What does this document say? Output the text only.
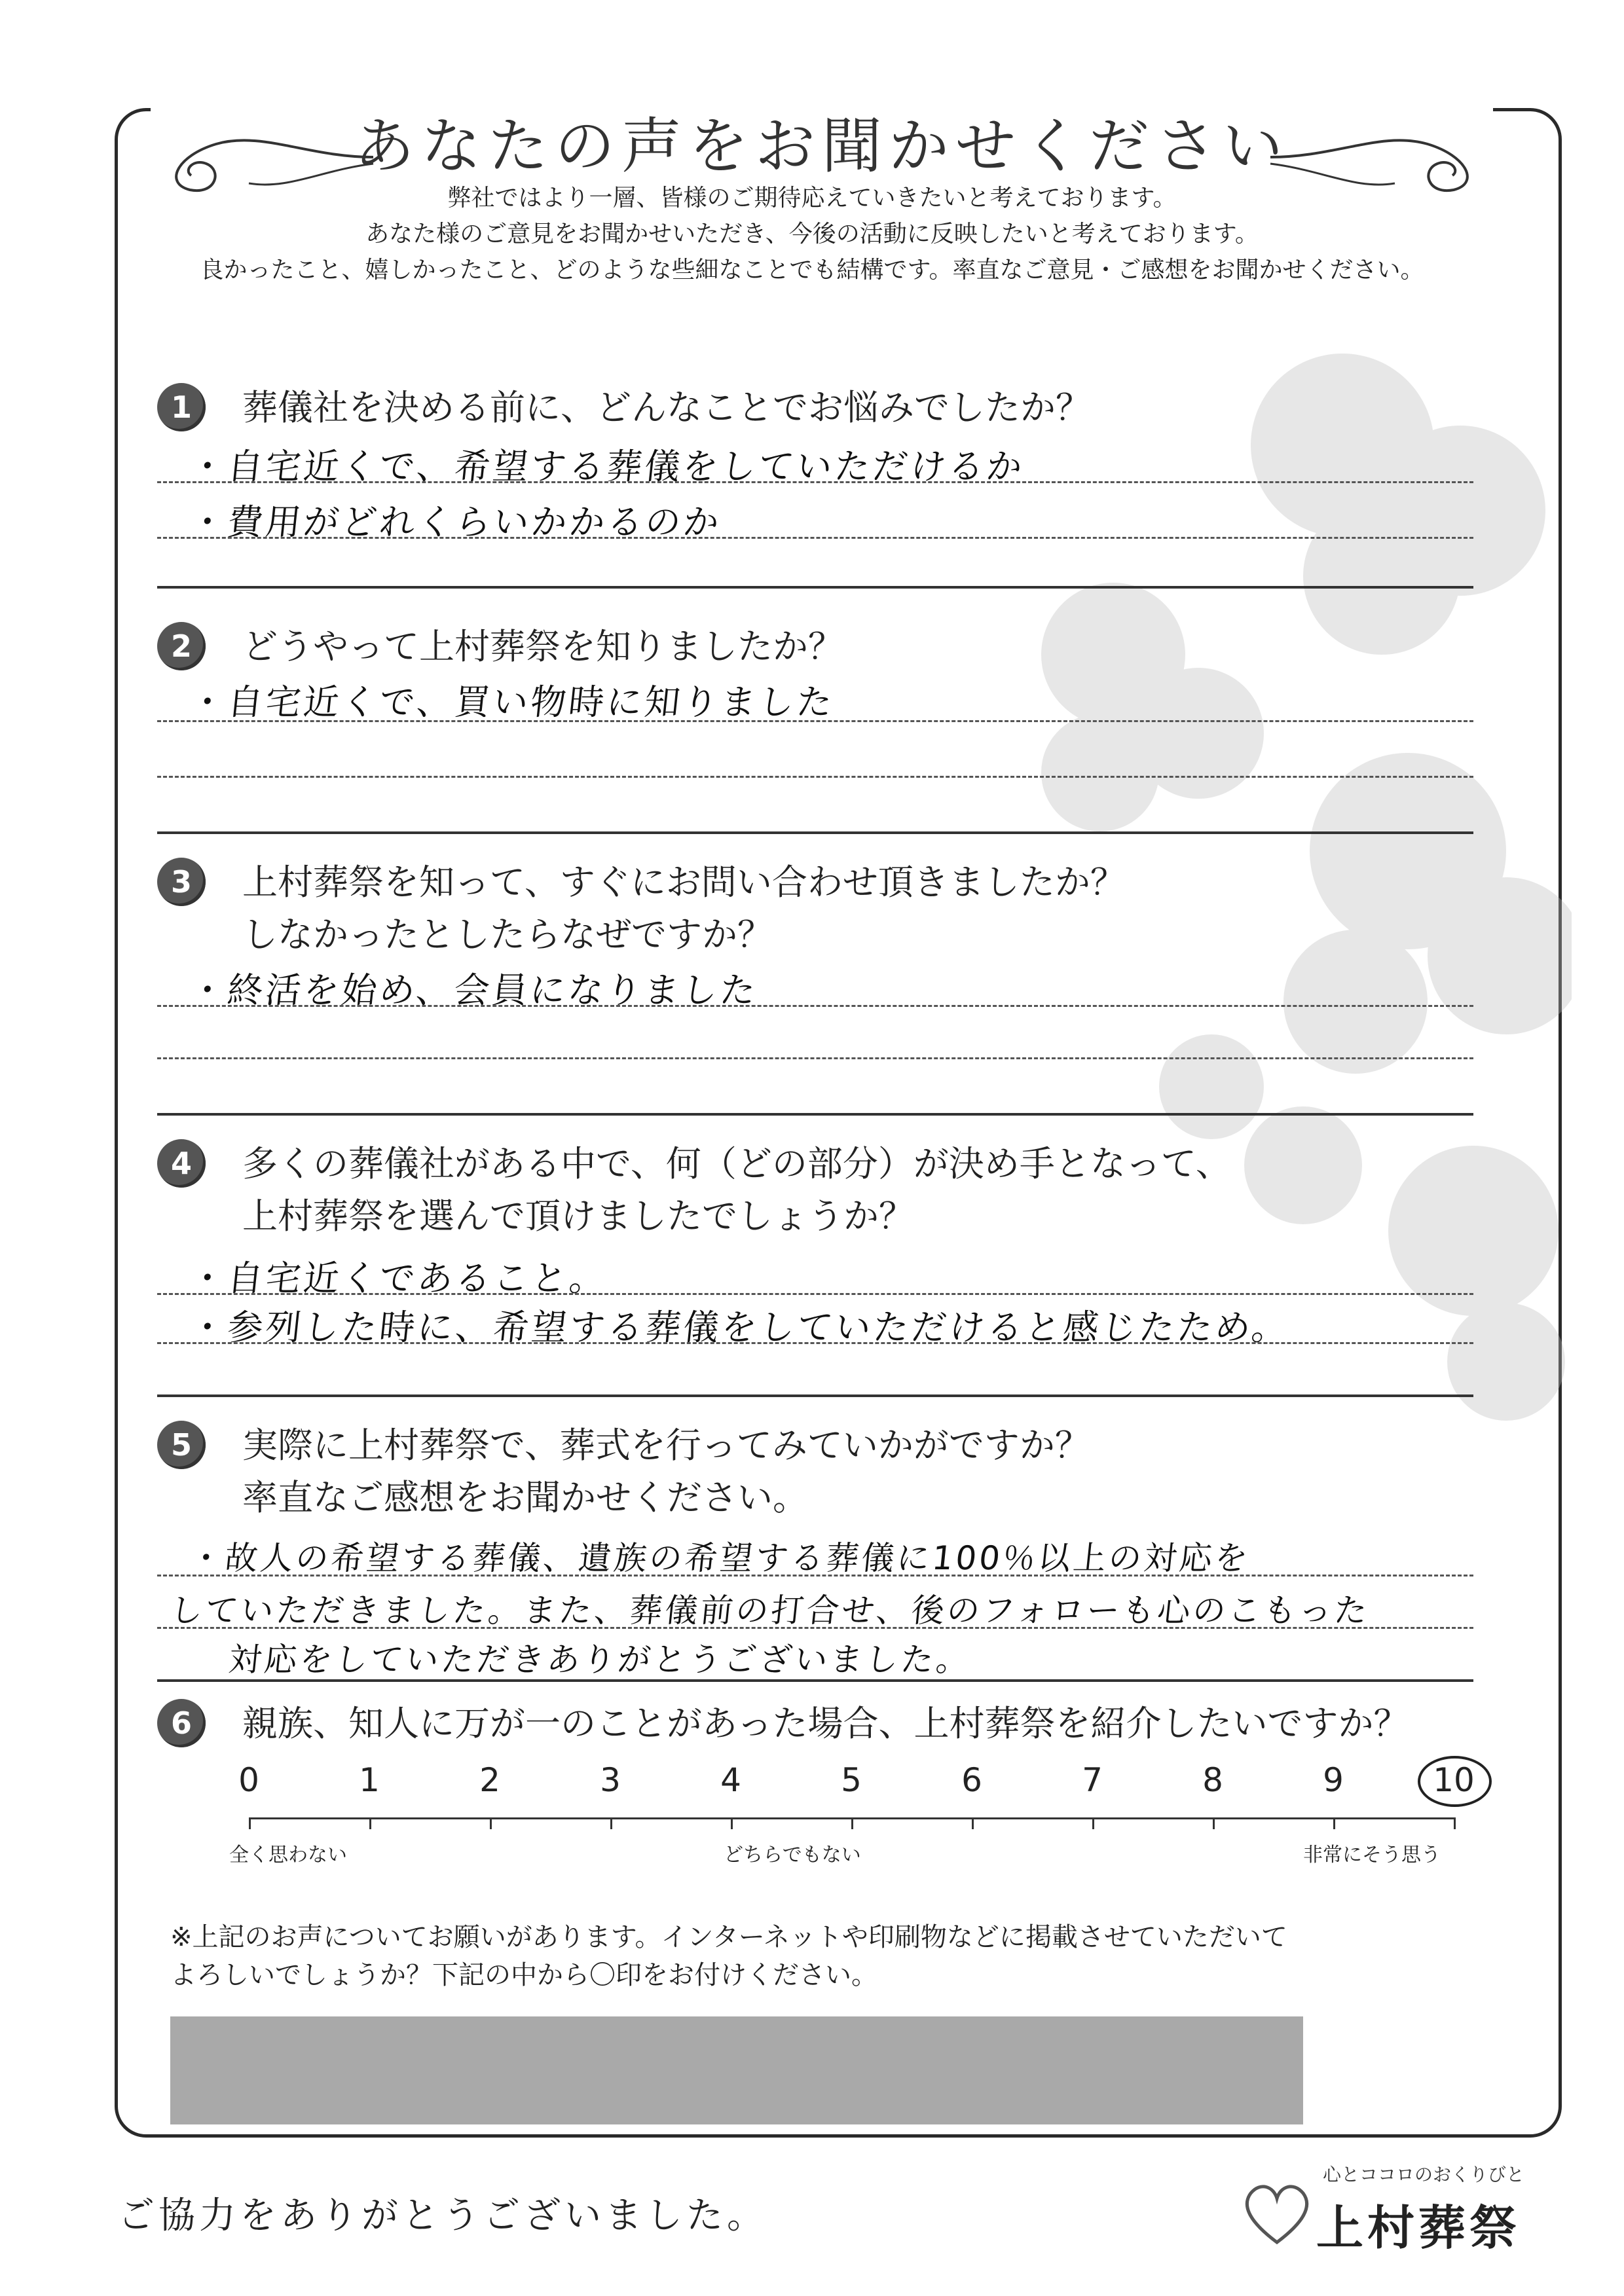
あなたの声をお聞かせください
弊社ではより一層、皆様のご期待応えていきたいと考えております。
あなた様のご意見をお聞かせいただき、今後の活動に反映したいと考えております。
良かったこと、嬉しかったこと、どのような些細なことでも結構です。率直なご意見・ご感想をお聞かせください。
1	葬儀社を決める前に、どんなことでお悩みでしたか？
・自宅近くで、希望する葬儀をしていただけるか
・費用がどれくらいかかるのか
2	どうやって上村葬祭を知りましたか？
・自宅近くで、買い物時に知りました
3	上村葬祭を知って、すぐにお問い合わせ頂きましたか？
しなかったとしたらなぜですか？
・終活を始め、会員になりました
4	多くの葬儀社がある中で、何（どの部分）が決め手となって、
上村葬祭を選んで頂けましたでしょうか？
・自宅近くであること。
・参列した時に、希望する葬儀をしていただけると感じたため。
5	実際に上村葬祭で、葬式を行ってみていかがですか？
率直なご感想をお聞かせください。
・故人の希望する葬儀、遺族の希望する葬儀に100％以上の対応を
していただきました。また、葬儀前の打合せ、後のフォローも心のこもった
対応をしていただきありがとうございました。
6	親族、知人に万が一のことがあった場合、上村葬祭を紹介したいですか？
0	1	2	3	4	5	6	7	8	9	10
全く思わない	どちらでもない	非常にそう思う
※上記のお声についてお願いがあります。インターネットや印刷物などに掲載させていただいて
よろしいでしょうか？下記の中から〇印をお付けください。
ご協力をありがとうございました。
心とココロのおくりびと
上村葬祭
